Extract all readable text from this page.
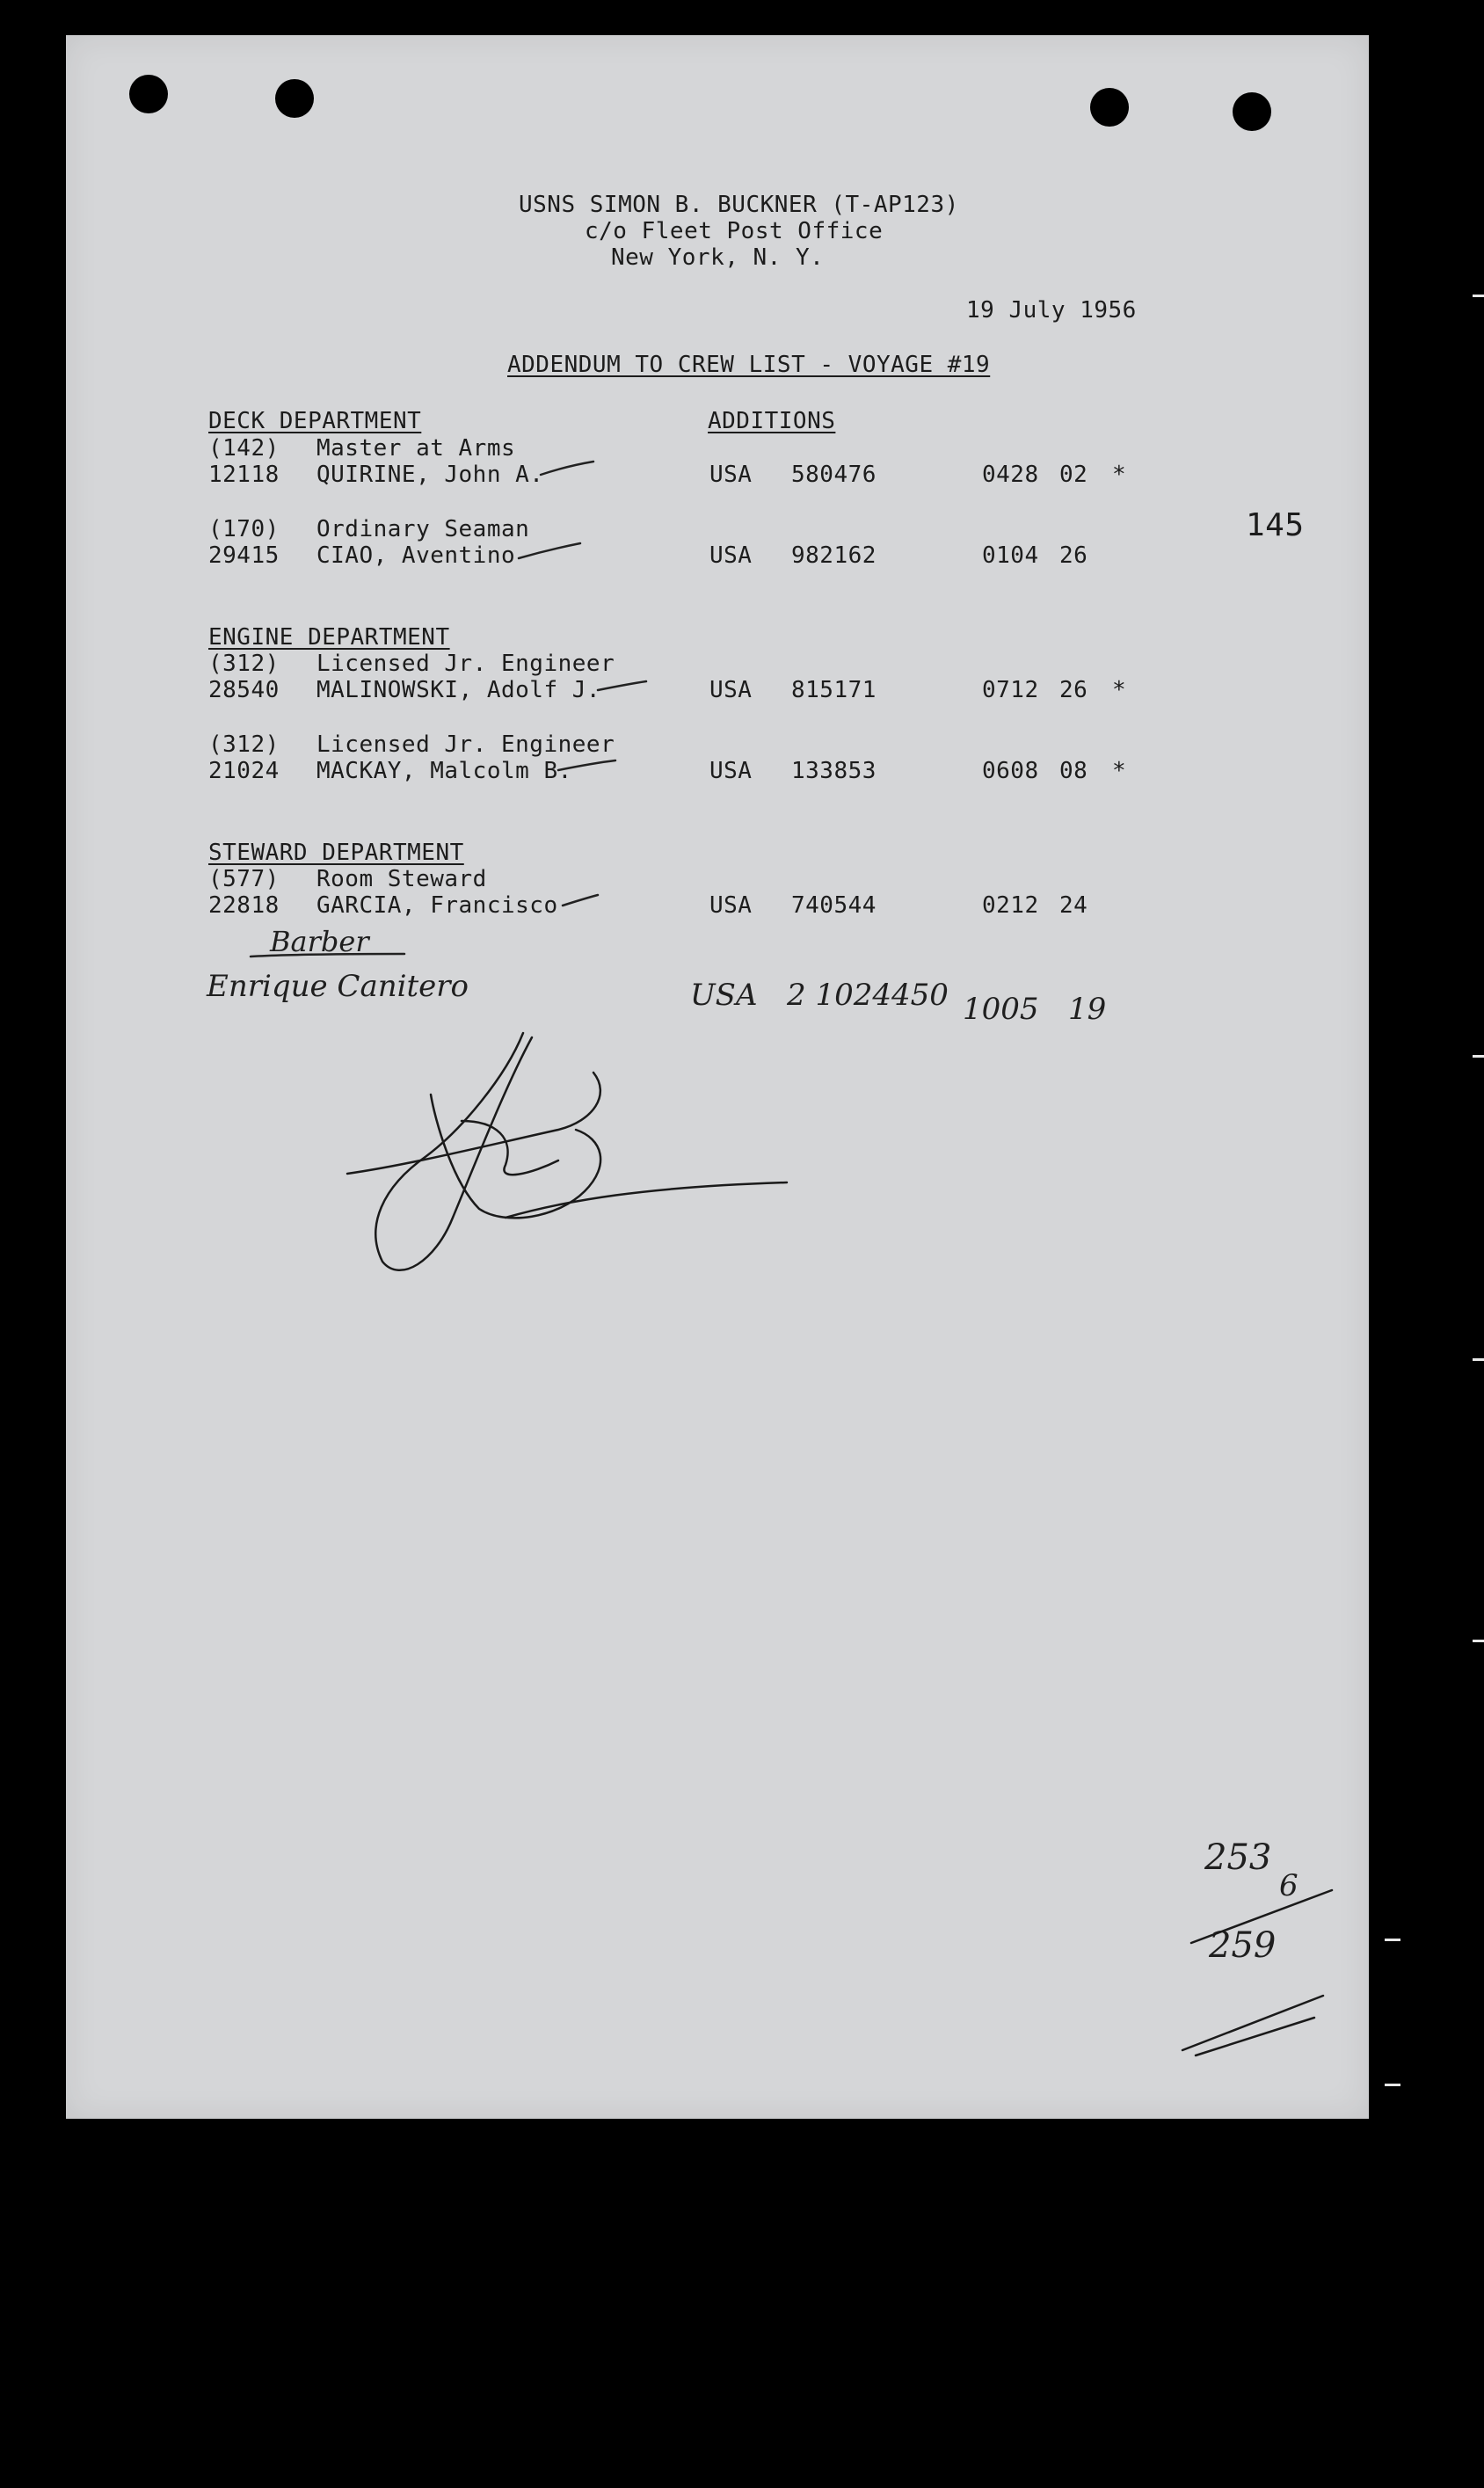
USNS SIMON B. BUCKNER (T-AP123)
c/o Fleet Post Office
New York, N. Y.
19 July 1956
ADDENDUM TO CREW LIST - VOYAGE #19
145
DECK DEPARTMENT	ADDITIONS
(142) Master at Arms
12118 QUIRINE, John A.	USA 580476	0428 02 *
(170) Ordinary Seaman
29415 CIAO, Aventino	USA 982162	0104 26
ENGINE DEPARTMENT
(312) Licensed Jr. Engineer
28540 MALINOWSKI, Adolf J.	USA 815171	0712 26 *
(312) Licensed Jr. Engineer
21024 MACKAY, Malcolm B.	USA 133853	0608 08 *
STEWARD DEPARTMENT
(577) Room Steward
22818 GARCIA, Francisco	USA 740544	0212 24
Barber
Enrique Canitero	USA 2 1024450 1005 19
253
6
259
